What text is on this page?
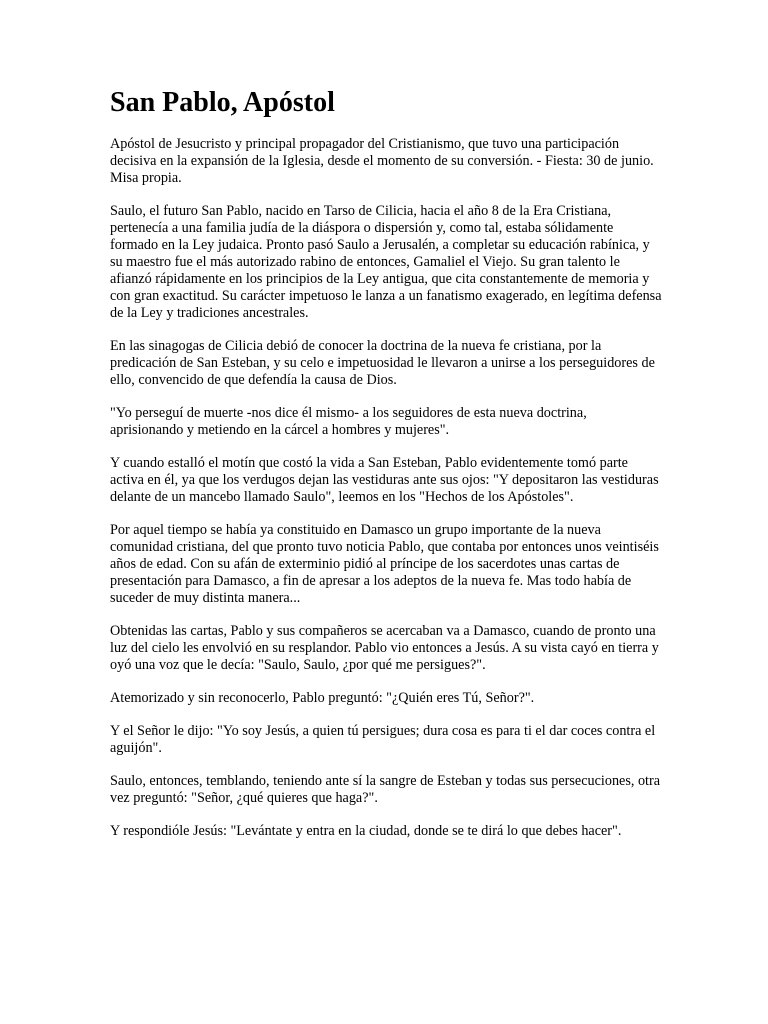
San Pablo, Apóstol

Apóstol de Jesucristo y principal propagador del Cristianismo, que tuvo una participación decisiva en la expansión de la Iglesia, desde el momento de su conversión. - Fiesta: 30 de junio. Misa propia.

Saulo, el futuro San Pablo, nacido en Tarso de Cilicia, hacia el año 8 de la Era Cristiana, pertenecía a una familia judía de la diáspora o dispersión y, como tal, estaba sólidamente formado en la Ley judaica. Pronto pasó Saulo a Jerusalén, a completar su educación rabínica, y su maestro fue el más autorizado rabino de entonces, Gamaliel el Viejo. Su gran talento le afianzó rápidamente en los principios de la Ley antigua, que cita constantemente de memoria y con gran exactitud. Su carácter impetuoso le lanza a un fanatismo exagerado, en legítima defensa de la Ley y tradiciones ancestrales.

En las sinagogas de Cilicia debió de conocer la doctrina de la nueva fe cristiana, por la predicación de San Esteban, y su celo e impetuosidad le llevaron a unirse a los perseguidores de ello, convencido de que defendía la causa de Dios.

"Yo perseguí de muerte -nos dice él mismo- a los seguidores de esta nueva doctrina, aprisionando y metiendo en la cárcel a hombres y mujeres".

Y cuando estalló el motín que costó la vida a San Esteban, Pablo evidentemente tomó parte activa en él, ya que los verdugos dejan las vestiduras ante sus ojos: "Y depositaron las vestiduras delante de un mancebo llamado Saulo", leemos en los "Hechos de los Apóstoles".

Por aquel tiempo se había ya constituido en Damasco un grupo importante de la nueva comunidad cristiana, del que pronto tuvo noticia Pablo, que contaba por entonces unos veintiséis años de edad. Con su afán de exterminio pidió al príncipe de los sacerdotes unas cartas de presentación para Damasco, a fin de apresar a los adeptos de la nueva fe. Mas todo había de suceder de muy distinta manera...

Obtenidas las cartas, Pablo y sus compañeros se acercaban va a Damasco, cuando de pronto una luz del cielo les envolvió en su resplandor. Pablo vio entonces a Jesús. A su vista cayó en tierra y oyó una voz que le decía: "Saulo, Saulo, ¿por qué me persigues?".

Atemorizado y sin reconocerlo, Pablo preguntó: "¿Quién eres Tú, Señor?".

Y el Señor le dijo: "Yo soy Jesús, a quien tú persigues; dura cosa es para ti el dar coces contra el aguijón".

Saulo, entonces, temblando, teniendo ante sí la sangre de Esteban y todas sus persecuciones, otra vez preguntó: "Señor, ¿qué quieres que haga?".

Y respondióle Jesús: "Levántate y entra en la ciudad, donde se te dirá lo que debes hacer".
